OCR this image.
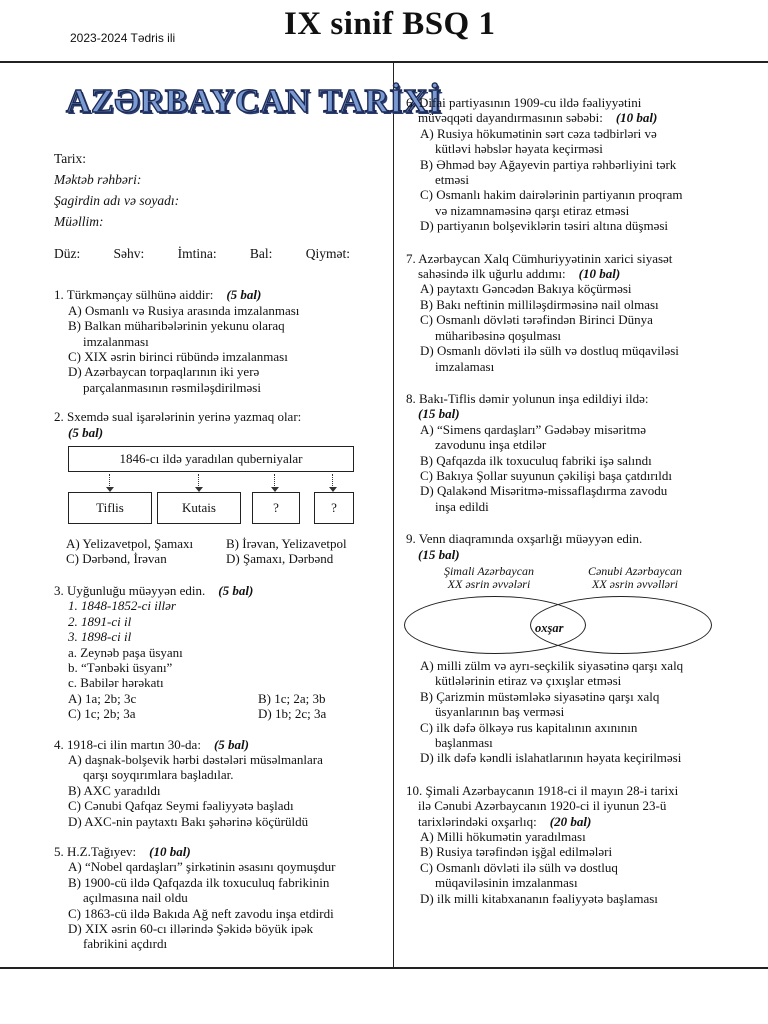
2023-2024 Tədris ili	IX sinif BSQ 1
AZƏRBAYCAN TARİXİ
Tarix:
Məktəb rəhbəri:
Şagirdin adı və soyadı:
Müəllim:
Düz: Səhv: İmtina: Bal: Qiymət:
1. Türkmənçay sülhünə aiddir: (5 bal)
A) Osmanlı və Rusiya arasında imzalanması
B) Balkan müharibələrinin yekunu olaraq
imzalanması
C) XIX əsrin birinci rübündə imzalanması
D) Azərbaycan torpaqlarının iki yerə
parçalanmasının rəsmiləşdirilməsi
2. Sxemdə sual işarələrinin yerinə yazmaq olar:
(5 bal)
1846-cı ildə yaradılan quberniyalar
Tiflis	Kutais	?	?
A) Yelizavetpol, Şamaxı	B) İrəvan, Yelizavetpol
C) Dərbənd, İrəvan	D) Şamaxı, Dərbənd
3. Uyğunluğu müəyyən edin. (5 bal)
1. 1848-1852-ci illər
2. 1891-ci il
3. 1898-ci il
a. Zeynəb paşa üsyanı
b. “Tənbəki üsyanı”
c. Babilər hərəkatı
A) 1a; 2b; 3c	B) 1c; 2a; 3b
C) 1c; 2b; 3a	D) 1b; 2c; 3a
4. 1918-ci ilin martın 30-da: (5 bal)
A) daşnak-bolşevik hərbi dəstələri müsəlmanlara
qarşı soyqırımlara başladılar.
B) AXC yaradıldı
C) Cənubi Qafqaz Seymi fəaliyyətə başladı
D) AXC-nin paytaxtı Bakı şəhərinə köçürüldü
5. H.Z.Tağıyev: (10 bal)
A) “Nobel qardaşları” şirkətinin əsasını qoymuşdur
B) 1900-cü ildə Qafqazda ilk toxuculuq fabrikinin
açılmasına nail oldu
C) 1863-cü ildə Bakıda Ağ neft zavodu inşa etdirdi
D) XIX əsrin 60-cı illərində Şəkidə böyük ipək
fabrikini açdırdı
6. Difai partiyasının 1909-cu ildə fəaliyyətini
müvəqqəti dayandırmasının səbəbi: (10 bal)
A) Rusiya hökumətinin sərt cəza tədbirləri və
kütləvi həbslər həyata keçirməsi
B) Əhməd bəy Ağayevin partiya rəhbərliyini tərk
etməsi
C) Osmanlı hakim dairələrinin partiyanın proqram
və nizamnaməsinə qarşı etiraz etməsi
D) partiyanın bolşeviklərin təsiri altına düşməsi
7. Azərbaycan Xalq Cümhuriyyətinin xarici siyasət
sahəsində ilk uğurlu addımı: (10 bal)
A) paytaxtı Gəncədən Bakıya köçürməsi
B) Bakı neftinin milliləşdirməsinə nail olması
C) Osmanlı dövləti tərəfindən Birinci Dünya
müharibəsinə qoşulması
D) Osmanlı dövləti ilə sülh və dostluq müqaviləsi
imzalaması
8. Bakı-Tiflis dəmir yolunun inşa edildiyi ildə:
(15 bal)
A) “Simens qardaşları” Gədəbəy misəritmə
zavodunu inşa etdilər
B) Qafqazda ilk toxuculuq fabriki işə salındı
C) Bakıya Şollar suyunun çəkilişi başa çatdırıldı
D) Qalakənd Misəritmə-missaflaşdırma zavodu
inşa edildi
9. Venn diaqramında oxşarlığı müəyyən edin.
(15 bal)
Şimali Azərbaycan
XX əsrin əvvələri
Cənubi Azərbaycan
XX əsrin əvvəlləri
oxşar
A) milli zülm və ayrı-seçkilik siyasətinə qarşı xalq
kütlələrinin etiraz və çıxışlar etməsi
B) Çarizmin müstəmləkə siyasətinə qarşı xalq
üsyanlarının baş verməsi
C) ilk dəfə ölkəyə rus kapitalının axınının
başlanması
D) ilk dəfə kəndli islahatlarının həyata keçirilməsi
10. Şimali Azərbaycanın 1918-ci il mayın 28-i tarixi
ilə Cənubi Azərbaycanın 1920-ci il iyunun 23-ü
tarixlərindəki oxşarlıq: (20 bal)
A) Milli hökumətin yaradılması
B) Rusiya tərəfindən işğal edilmələri
C) Osmanlı dövləti ilə sülh və dostluq
müqaviləsinin imzalanması
D) ilk milli kitabxananın fəaliyyətə başlaması
